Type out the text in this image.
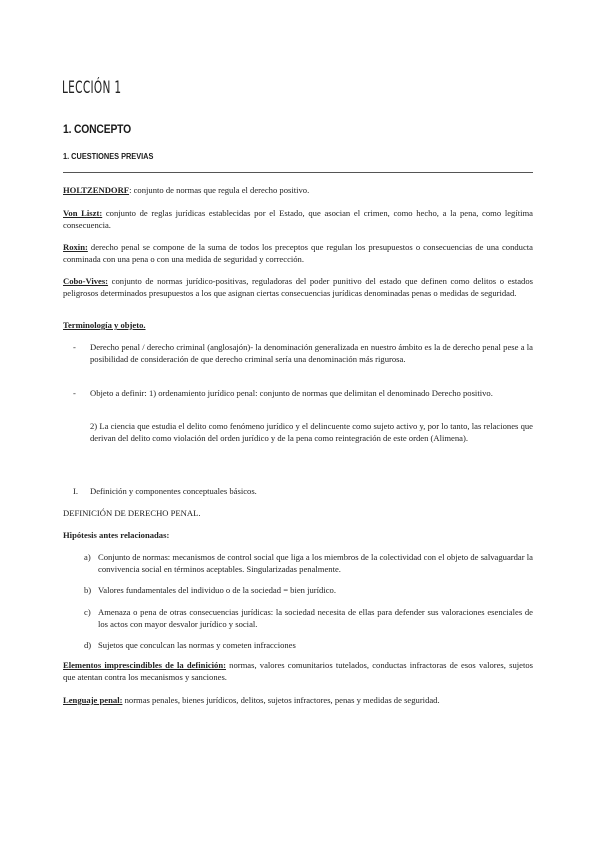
LECCIÓN 1
1. CONCEPTO
1. CUESTIONES PREVIAS
HOLTZENDORF: conjunto de normas que regula el derecho positivo.
Von Liszt: conjunto de reglas jurídicas establecidas por el Estado, que asocian el crimen, como hecho, a la pena, como legítima consecuencia.
Roxin: derecho penal se compone de la suma de todos los preceptos que regulan los presupuestos o consecuencias de una conducta conminada con una pena o con una medida de seguridad y corrección.
Cobo-Vives: conjunto de normas jurídico-positivas, reguladoras del poder punitivo del estado que definen como delitos o estados peligrosos determinados presupuestos a los que asignan ciertas consecuencias jurídicas denominadas penas o medidas de seguridad.
Terminología y objeto.
- Derecho penal / derecho criminal (anglosajón)- la denominación generalizada en nuestro ámbito es la de derecho penal pese a la posibilidad de consideración de que derecho criminal sería una denominación más rigurosa.
- Objeto a definir: 1) ordenamiento jurídico penal: conjunto de normas que delimitan el denominado Derecho positivo.
2) La ciencia que estudia el delito como fenómeno jurídico y el delincuente como sujeto activo y, por lo tanto, las relaciones que derivan del delito como violación del orden jurídico y de la pena como reintegración de este orden (Alimena).
I. Definición y componentes conceptuales básicos.
DEFINICIÓN DE DERECHO PENAL.
Hipótesis antes relacionadas:
a) Conjunto de normas: mecanismos de control social que liga a los miembros de la colectividad con el objeto de salvaguardar la convivencia social en términos aceptables. Singularizadas penalmente.
b) Valores fundamentales del individuo o de la sociedad = bien jurídico.
c) Amenaza o pena de otras consecuencias jurídicas: la sociedad necesita de ellas para defender sus valoraciones esenciales de los actos con mayor desvalor jurídico y social.
d) Sujetos que conculcan las normas y cometen infracciones
Elementos imprescindibles de la definición: normas, valores comunitarios tutelados, conductas infractoras de esos valores, sujetos que atentan contra los mecanismos y sanciones.
Lenguaje penal: normas penales, bienes jurídicos, delitos, sujetos infractores, penas y medidas de seguridad.
